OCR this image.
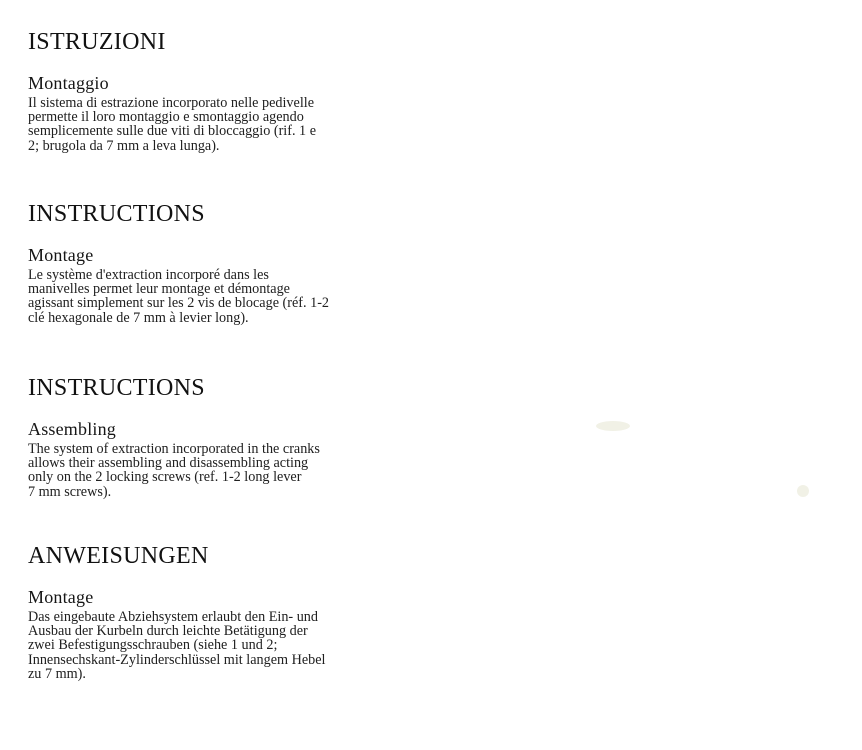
ISTRUZIONI
Montaggio

Il sistema di estrazione incorporato nelle pedivelle
permette il loro montaggio e smontaggio agendo
semplicemente sulle due viti di bloccaggio (rif. 1 e
2; brugola da 7 mm a leva lunga).

INSTRUCTIONS
Montage

Le système d'extraction incorporé dans les
manivelles permet leur montage et démontage
agissant simplement sur les 2 vis de blocage (réf. 1-2
clé hexagonale de 7 mm à levier long).

INSTRUCTIONS
Assembling

The system of extraction incorporated in the cranks
allows their assembling and disassembling acting
only on the 2 locking screws (ref. 1-2 long lever
7 mm screws).

ANWEISUNGEN
Montage

Das eingebaute Abziehsystem erlaubt den Ein- und
Ausbau der Kurbeln durch leichte Betätigung der
zwei Befestigungsschrauben (siehe 1 und 2;
Innensechskant-Zylinderschlüssel mit langem Hebel
zu 7 mm).
